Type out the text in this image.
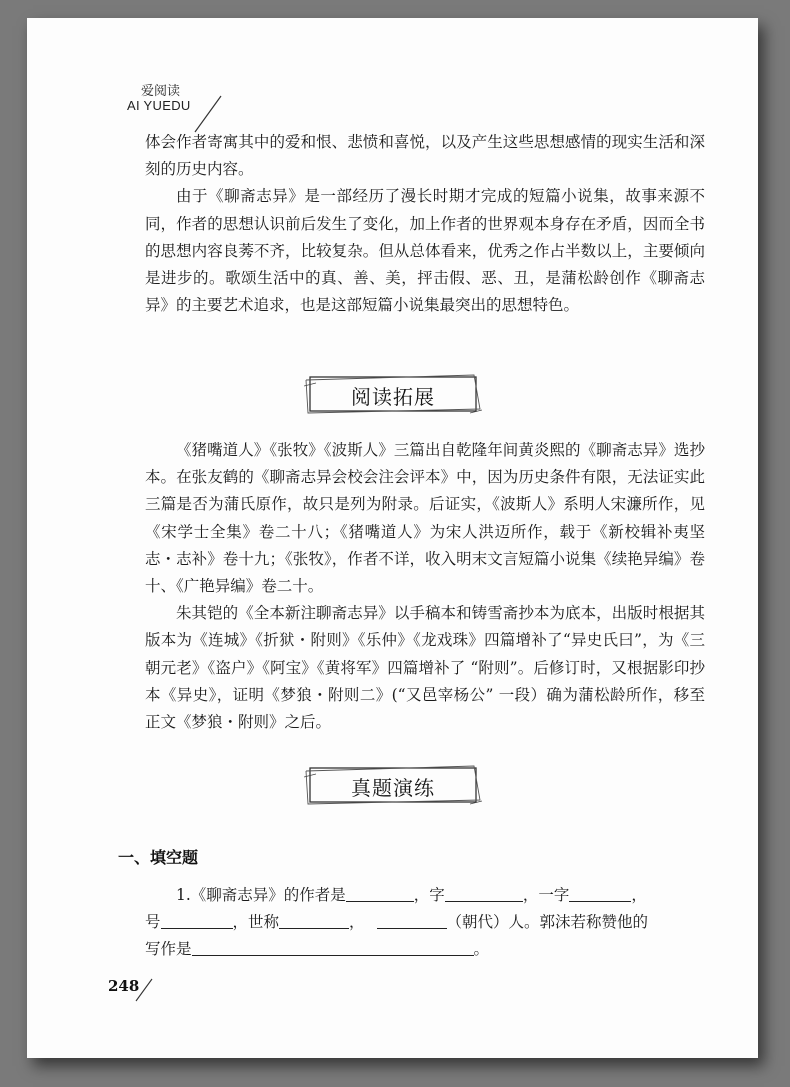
爱阅读
AI YUEDU

体会作者寄寓其中的爱和恨、悲愤和喜悦，以及产生这些思想感情的现实生活和深刻的历史内容。

由于《聊斋志异》是一部经历了漫长时期才完成的短篇小说集，故事来源不同，作者的思想认识前后发生了变化，加上作者的世界观本身存在矛盾，因而全书的思想内容良莠不齐，比较复杂。但从总体看来，优秀之作占半数以上，主要倾向是进步的。歌颂生活中的真、善、美，抨击假、恶、丑，是蒲松龄创作《聊斋志异》的主要艺术追求，也是这部短篇小说集最突出的思想特色。

阅读拓展

《猪嘴道人》《张牧》《波斯人》三篇出自乾隆年间黄炎熙的《聊斋志异》选抄本。在张友鹤的《聊斋志异会校会注会评本》中，因为历史条件有限，无法证实此三篇是否为蒲氏原作，故只是列为附录。后证实，《波斯人》系明人宋濂所作，见《宋学士全集》卷二十八；《猪嘴道人》为宋人洪迈所作，载于《新校辑补夷坚志・志补》卷十九；《张牧》，作者不详，收入明末文言短篇小说集《续艳异编》卷十、《广艳异编》卷二十。

朱其铠的《全本新注聊斋志异》以手稿本和铸雪斋抄本为底本，出版时根据其版本为《连城》《折狱・附则》《乐仲》《龙戏珠》四篇增补了“异史氏曰”，为《三朝元老》《盗户》《阿宝》《黄将军》四篇增补了 “附则”。后修订时，又根据影印抄本《异史》，证明《梦狼・附则二》(“又邑宰杨公” 一段）确为蒲松龄所作，移至正文《梦狼・附则》之后。

真题演练
一、填空题
1.《聊斋志异》的作者是	，字	，一字	，
号	，世称	，	（朝代）人。郭沫若称赞他的
写作是	。
248
